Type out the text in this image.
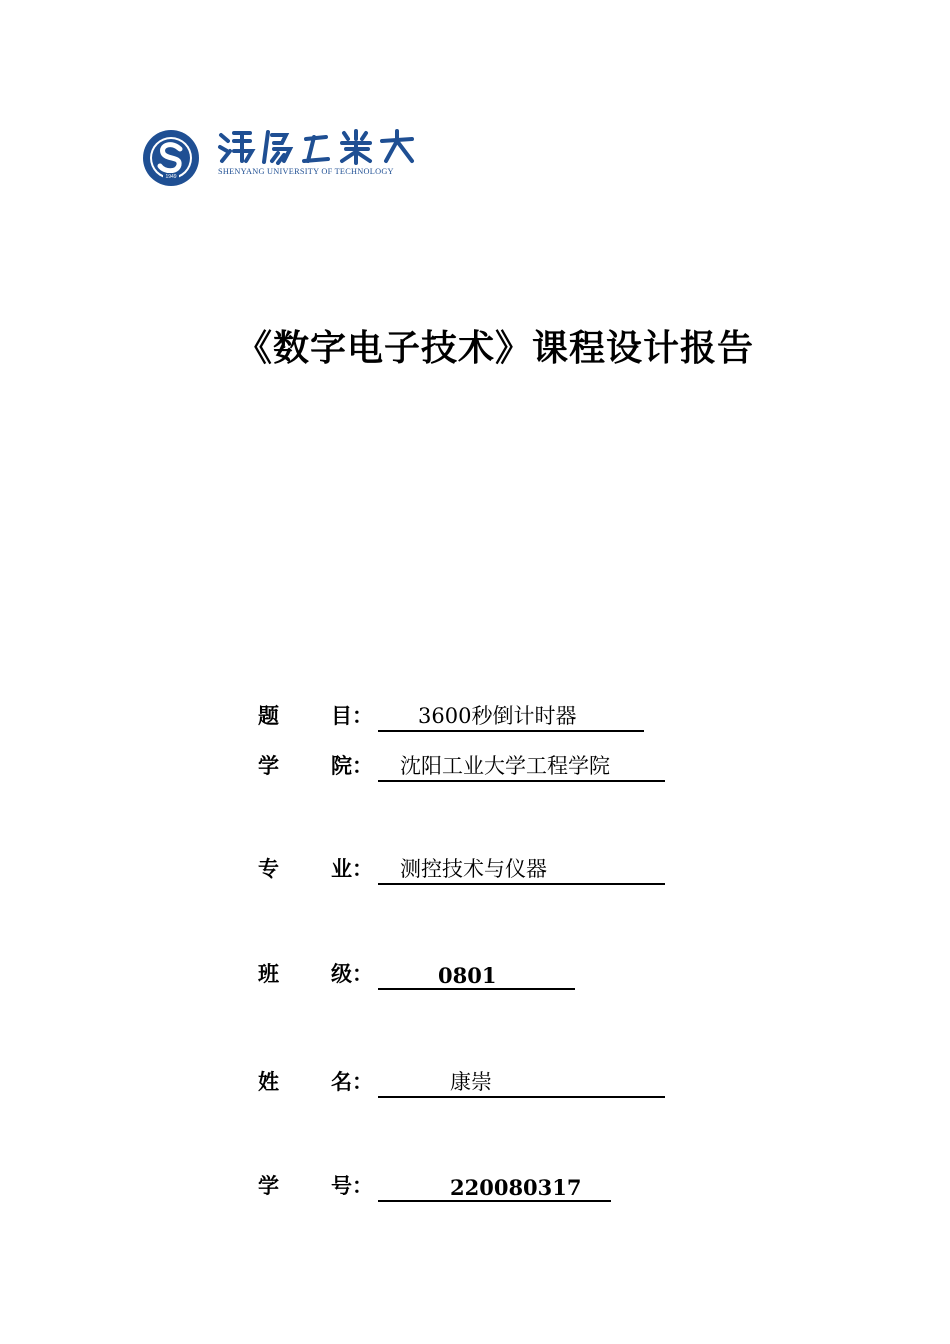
1949
SHENYANG UNIVERSITY OF TECHNOLOGY
《数字电子技术》课程设计报告
题 目：	3600秒倒计时器
学 院：	沈阳工业大学工程学院
专 业：	测控技术与仪器
班 级：	0801
姓 名：	康崇
学 号：	220080317
